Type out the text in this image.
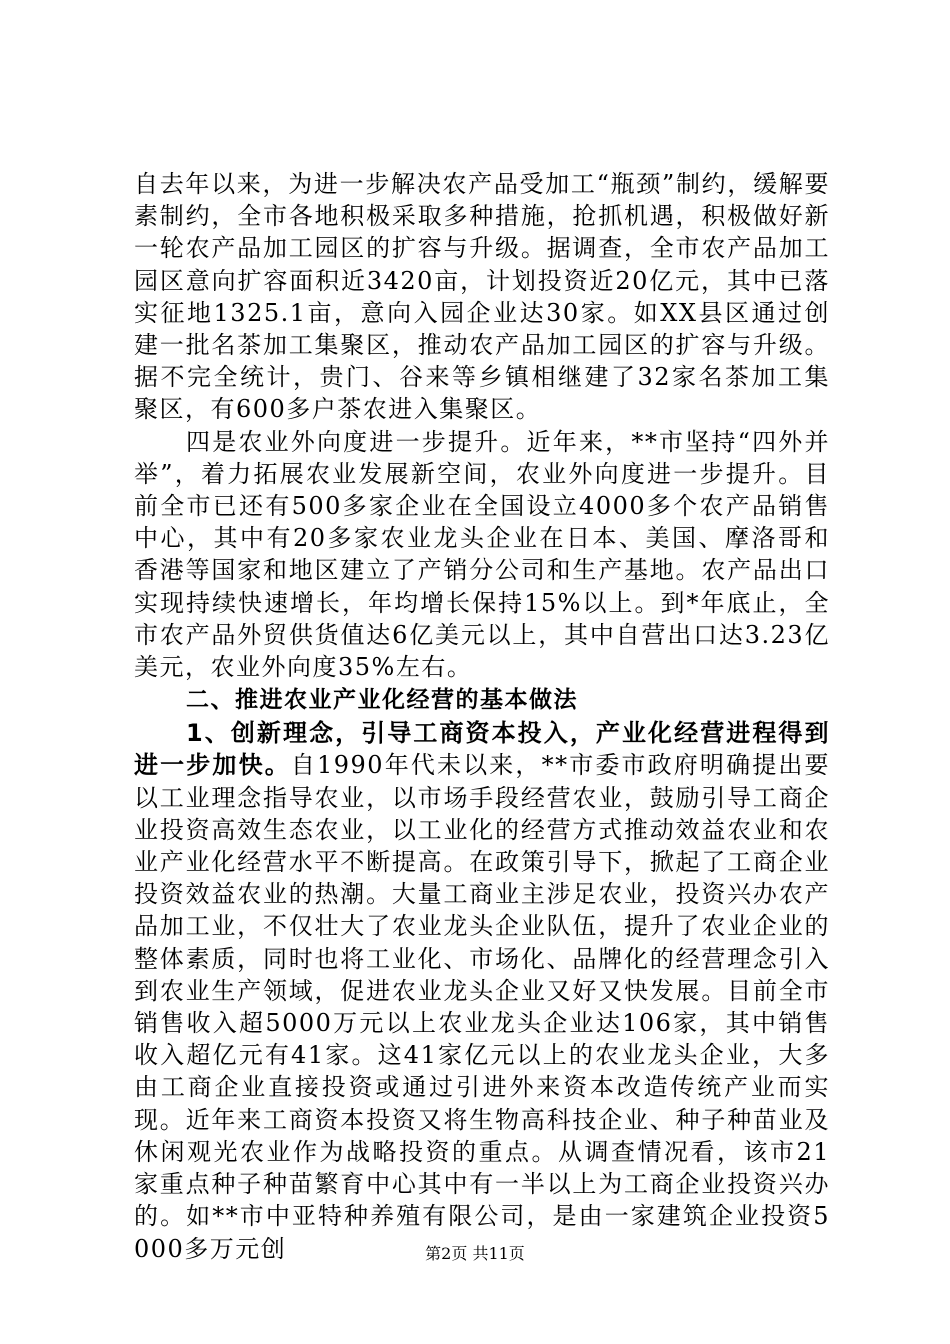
自去年以来，为进一步解决农产品受加工“瓶颈”制约，缓解要素制约，全市各地积极采取多种措施，抢抓机遇，积极做好新一轮农产品加工园区的扩容与升级。据调查，全市农产品加工园区意向扩容面积近3420亩，计划投资近20亿元，其中已落实征地1325.1亩，意向入园企业达30家。如XX县区通过创建一批名茶加工集聚区，推动农产品加工园区的扩容与升级。据不完全统计，贵门、谷来等乡镇相继建了32家名茶加工集聚区，有600多户茶农进入集聚区。

四是农业外向度进一步提升。近年来，**市坚持“四外并举”，着力拓展农业发展新空间，农业外向度进一步提升。目前全市已还有500多家企业在全国设立4000多个农产品销售中心，其中有20多家农业龙头企业在日本、美国、摩洛哥和香港等国家和地区建立了产销分公司和生产基地。农产品出口实现持续快速增长，年均增长保持15%以上。到*年底止，全市农产品外贸供货值达6亿美元以上，其中自营出口达3.23亿美元，农业外向度35%左右。

二、推进农业产业化经营的基本做法

1、创新理念，引导工商资本投入，产业化经营进程得到进一步加快。自1990年代未以来，**市委市政府明确提出要以工业理念指导农业，以市场手段经营农业，鼓励引导工商企业投资高效生态农业，以工业化的经营方式推动效益农业和农业产业化经营水平不断提高。在政策引导下，掀起了工商企业投资效益农业的热潮。大量工商业主涉足农业，投资兴办农产品加工业，不仅壮大了农业龙头企业队伍，提升了农业企业的整体素质，同时也将工业化、市场化、品牌化的经营理念引入到农业生产领域，促进农业龙头企业又好又快发展。目前全市销售收入超5000万元以上农业龙头企业达106家，其中销售收入超亿元有41家。这41家亿元以上的农业龙头企业，大多由工商企业直接投资或通过引进外来资本改造传统产业而实现。近年来工商资本投资又将生物高科技企业、种子种苗业及休闲观光农业作为战略投资的重点。从调查情况看，该市21家重点种子种苗繁育中心其中有一半以上为工商企业投资兴办的。如**市中亚特种养殖有限公司，是由一家建筑企业投资5000多万元创	第2页 共11页
